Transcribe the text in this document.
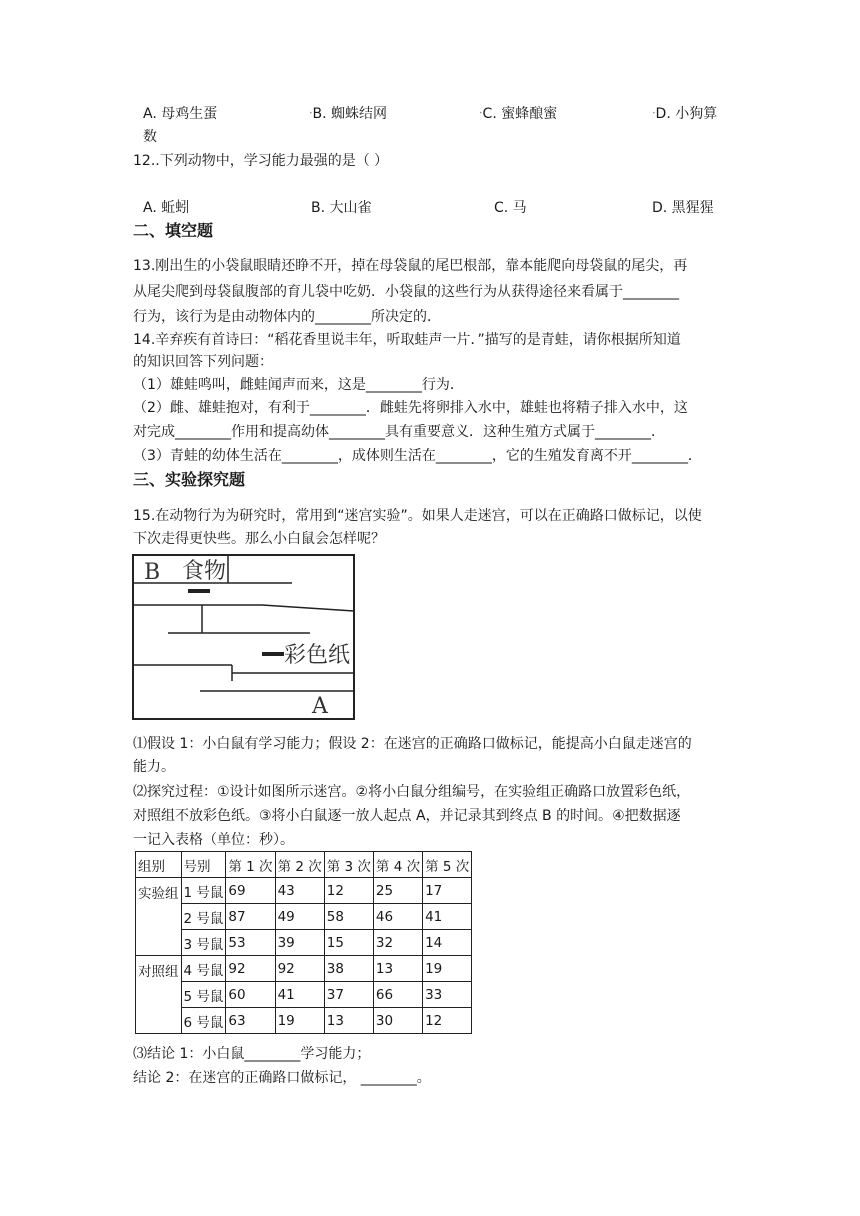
A. 母鸡生蛋
数
•B. 蜘蛛结网	•C. 蜜蜂酿蜜	•D. 小狗算
12..下列动物中，学习能力最强的是（ ）
A. 蚯蚓	B. 大山雀	C. 马	D. 黑猩猩
二、填空题
13.刚出生的小袋鼠眼睛还睁不开，掉在母袋鼠的尾巴根部，靠本能爬向母袋鼠的尾尖，再
从尾尖爬到母袋鼠腹部的育儿袋中吃奶．小袋鼠的这些行为从获得途径来看属于________
行为，该行为是由动物体内的________所决定的．
14.辛弃疾有首诗曰：“稻花香里说丰年，听取蛙声一片．”描写的是青蛙，请你根据所知道
的知识回答下列问题：
（1）雄蛙鸣叫，雌蛙闻声而来，这是________行为．
（2）雌、雄蛙抱对，有利于________．雌蛙先将卵排入水中，雄蛙也将精子排入水中，这
对完成________作用和提高幼体________具有重要意义．这种生殖方式属于________．
（3）青蛙的幼体生活在________，成体则生活在________，它的生殖发育离不开________．
三、实验探究题
15.在动物行为为研究时，常用到“迷宫实验”。如果人走迷宫，可以在正确路口做标记，以使
下次走得更快些。那么小白鼠会怎样呢？
B 食物
彩色纸
A
⑴假设 1：小白鼠有学习能力；假设 2：在迷宫的正确路口做标记，能提高小白鼠走迷宫的
能力。
⑵探究过程：①设计如图所示迷宫。②将小白鼠分组编号，在实验组正确路口放置彩色纸，
对照组不放彩色纸。③将小白鼠逐一放人起点 A，并记录其到终点 B 的时间。④把数据逐
一记入表格（单位：秒）。
组别	号别	第 1 次	第 2 次	第 3 次	第 4 次	第 5 次
实验组	1 号鼠	69	43	12	25	17
	2 号鼠	87	49	58	46	41
	3 号鼠	53	39	15	32	14
对照组	4 号鼠	92	92	38	13	19
	5 号鼠	60	41	37	66	33
	6 号鼠	63	19	13	30	12
⑶结论 1：小白鼠________学习能力；
结论 2：在迷宫的正确路口做标记， ________。
